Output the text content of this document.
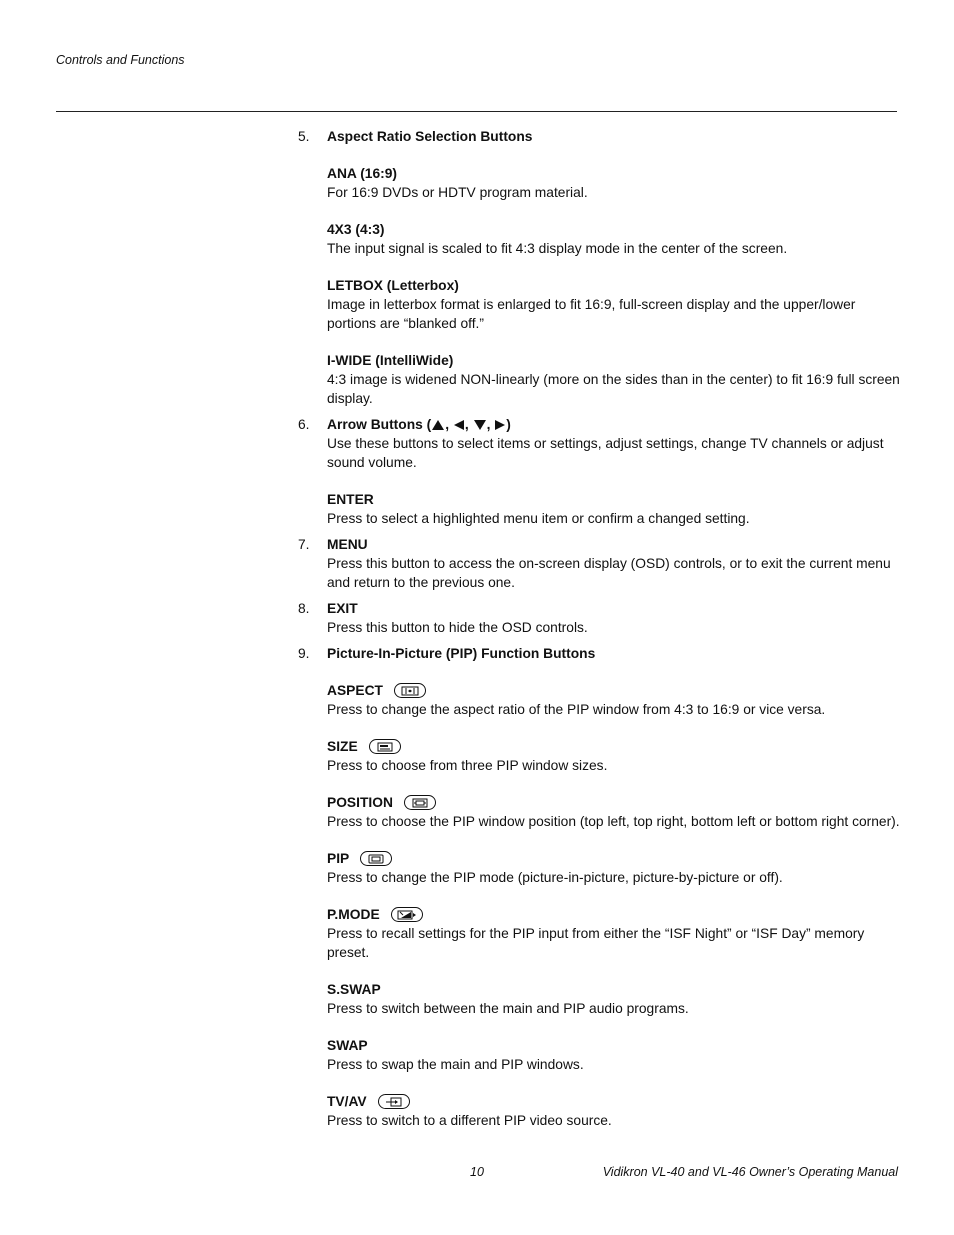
Controls and Functions
5. Aspect Ratio Selection Buttons
ANA (16:9)
For 16:9 DVDs or HDTV program material.
4X3 (4:3)
The input signal is scaled to fit 4:3 display mode in the center of the screen.
LETBOX (Letterbox)
Image in letterbox format is enlarged to fit 16:9, full-screen display and the upper/lower portions are “blanked off.”
I-WIDE (IntelliWide)
4:3 image is widened NON-linearly (more on the sides than in the center) to fit 16:9 full screen display.
6. Arrow Buttons ( , , , )
Use these buttons to select items or settings, adjust settings, change TV channels or adjust sound volume.
ENTER
Press to select a highlighted menu item or confirm a changed setting.
7. MENU
Press this button to access the on-screen display (OSD) controls, or to exit the current menu and return to the previous one.
8. EXIT
Press this button to hide the OSD controls.
9. Picture-In-Picture (PIP) Function Buttons
ASPECT
Press to change the aspect ratio of the PIP window from 4:3 to 16:9 or vice versa.
SIZE
Press to choose from three PIP window sizes.
POSITION
Press to choose the PIP window position (top left, top right, bottom left or bottom right corner).
PIP
Press to change the PIP mode (picture-in-picture, picture-by-picture or off).
P.MODE
Press to recall settings for the PIP input from either the “ISF Night” or “ISF Day” memory preset.
S.SWAP
Press to switch between the main and PIP audio programs.
SWAP
Press to swap the main and PIP windows.
TV/AV
Press to switch to a different PIP video source.
10	Vidikron VL-40 and VL-46 Owner’s Operating Manual
